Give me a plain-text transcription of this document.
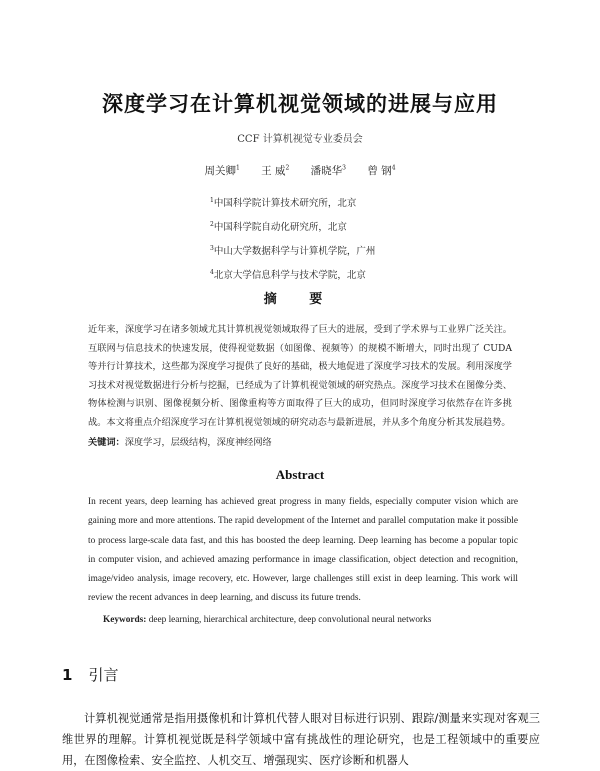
深度学习在计算机视觉领域的进展与应用
CCF 计算机视觉专业委员会
周关卿$^1$ 王 威$^2$ 潘晓华$^3$ 曾 钢$^4$
$^1$中国科学院计算技术研究所，北京
$^2$中国科学院自动化研究所，北京
$^3$中山大学数据科学与计算机学院，广州
$^4$北京大学信息科学与技术学院，北京
摘 要
近年来，深度学习在诸多领域尤其计算机视觉领域取得了巨大的进展，受到了学术界与工业界广泛关注。互联网与信息技术的快速发展，使得视觉数据（如图像、视频等）的规模不断增大，同时出现了 CUDA 等并行计算技术，这些都为深度学习提供了良好的基础，极大地促进了深度学习技术的发展。利用深度学习技术对视觉数据进行分析与挖掘，已经成为了计算机视觉领域的研究热点。深度学习技术在图像分类、物体检测与识别、图像视频分析、图像重构等方面取得了巨大的成功，但同时深度学习依然存在许多挑战。本文将重点介绍深度学习在计算机视觉领域的研究动态与最新进展，并从多个角度分析其发展趋势。
关键词：深度学习，层级结构，深度神经网络
Abstract
In recent years, deep learning has achieved great progress in many fields, especially computer vision which are gaining more and more attentions. The rapid development of the Internet and parallel computation make it possible to process large-scale data fast, and this has boosted the deep learning. Deep learning has become a popular topic in computer vision, and achieved amazing performance in image classification, object detection and recognition, image/video analysis, image recovery, etc. However, large challenges still exist in deep learning. This work will review the recent advances in deep learning, and discuss its future trends.
Keywords: deep learning, hierarchical architecture, deep convolutional neural networks
1 引言
计算机视觉通常是指用摄像机和计算机代替人眼对目标进行识别、跟踪/测量来实现对客观三维世界的理解。计算机视觉既是科学领域中富有挑战性的理论研究，也是工程领域中的重要应用，在图像检索、安全监控、人机交互、增强现实、医疗诊断和机器人
